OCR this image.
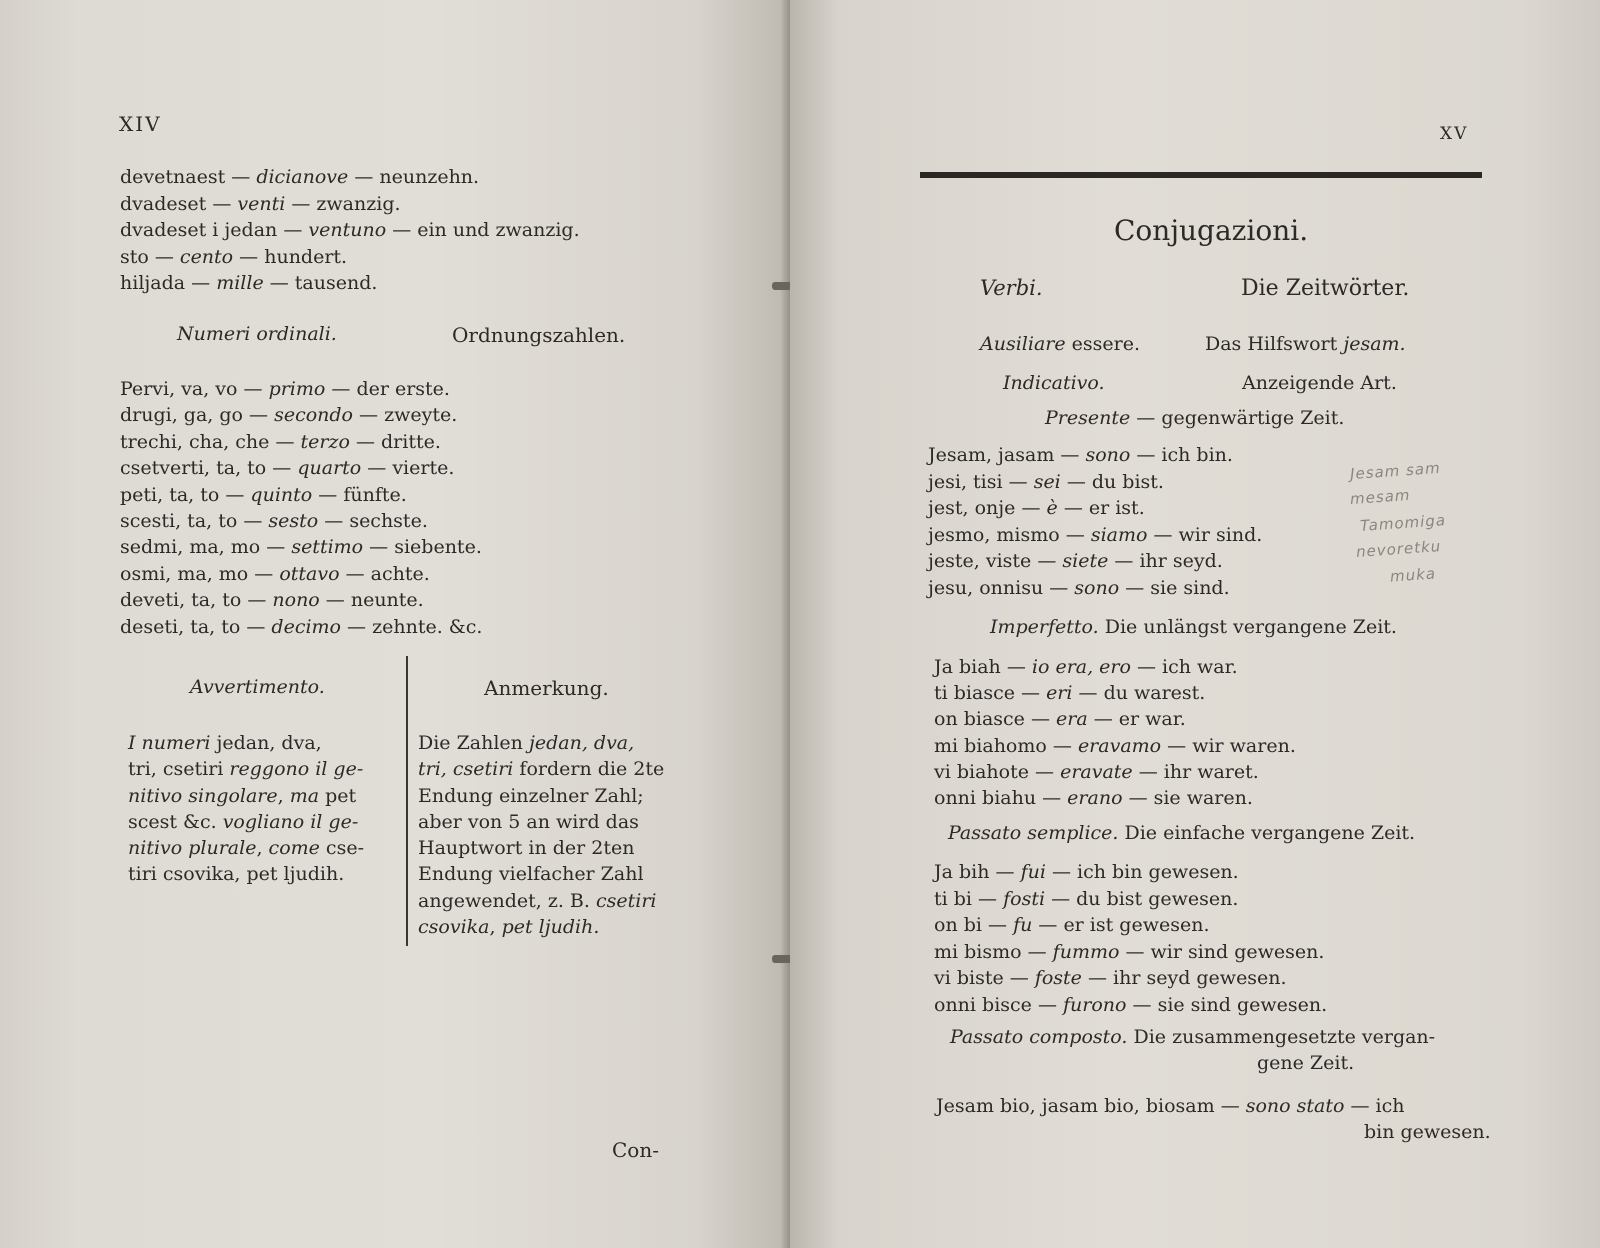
XIV
devetnaest — dicianove — neunzehn.
dvadeset — venti — zwanzig.
dvadeset i jedan — ventuno — ein und zwanzig.
sto — cento — hundert.
hiljada — mille — tausend.
Numeri ordinali.	Ordnungszahlen.
Pervi, va, vo — primo — der erste.
drugi, ga, go — secondo — zweyte.
trechi, cha, che — terzo — dritte.
csetverti, ta, to — quarto — vierte.
peti, ta, to — quinto — fünfte.
scesti, ta, to — sesto — sechste.
sedmi, ma, mo — settimo — siebente.
osmi, ma, mo — ottavo — achte.
deveti, ta, to — nono — neunte.
deseti, ta, to — decimo — zehnte. &c.
Avvertimento.	Anmerkung.
I numeri jedan, dva,
tri, csetiri reggono il ge-
nitivo singolare, ma pet
scest &c. vogliano il ge-
nitivo plurale, come cse-
tiri csovika, pet ljudih.
Die Zahlen jedan, dva,
tri, csetiri fordern die 2te
Endung einzelner Zahl;
aber von 5 an wird das
Hauptwort in der 2ten
Endung vielfacher Zahl
angewendet, z. B. csetiri
csovika, pet ljudih.
Con-
XV
Conjugazioni.
Verbi.	Die Zeitwörter.
Ausiliare essere.	Das Hilfswort jesam.
Indicativo.	Anzeigende Art.
Presente — gegenwärtige Zeit.
Jesam, jasam — sono — ich bin.
jesi, tisi — sei — du bist.
jest, onje — è — er ist.
jesmo, mismo — siamo — wir sind.
jeste, viste — siete — ihr seyd.
jesu, onnisu — sono — sie sind.
Imperfetto. Die unlängst vergangene Zeit.
Ja biah — io era, ero — ich war.
ti biasce — eri — du warest.
on biasce — era — er war.
mi biahomo — eravamo — wir waren.
vi biahote — eravate — ihr waret.
onni biahu — erano — sie waren.
Passato semplice. Die einfache vergangene Zeit.
Ja bih — fui — ich bin gewesen.
ti bi — fosti — du bist gewesen.
on bi — fu — er ist gewesen.
mi bismo — fummo — wir sind gewesen.
vi biste — foste — ihr seyd gewesen.
onni bisce — furono — sie sind gewesen.
Passato composto. Die zusammengesetzte vergan-
gene Zeit.
Jesam bio, jasam bio, biosam — sono stato — ich
bin gewesen.
Jesam sam
mesam
Tamomiga
nevoretku
muka
